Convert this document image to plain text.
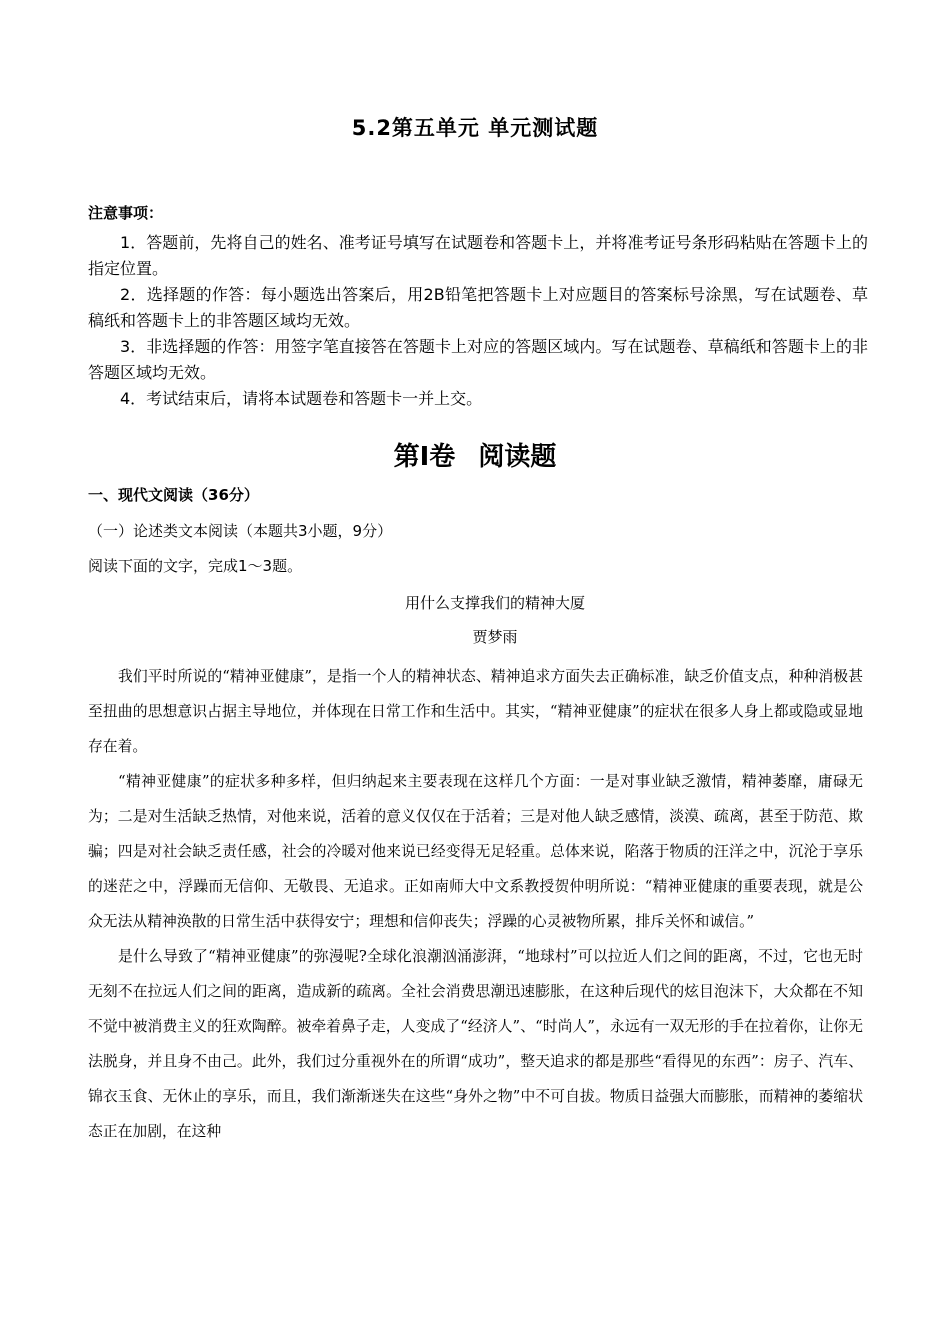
5.2第五单元 单元测试题
注意事项：

1．答题前，先将自己的姓名、准考证号填写在试题卷和答题卡上，并将准考证号条形码粘贴在答题卡上的指定位置。

2．选择题的作答：每小题选出答案后，用2B铅笔把答题卡上对应题目的答案标号涂黑，写在试题卷、草稿纸和答题卡上的非答题区域均无效。

3．非选择题的作答：用签字笔直接答在答题卡上对应的答题区域内。写在试题卷、草稿纸和答题卡上的非答题区域均无效。

4．考试结束后，请将本试题卷和答题卡一并上交。

第Ⅰ卷 阅读题
一、现代文阅读（36分）
（一）论述类文本阅读（本题共3小题，9分）
阅读下面的文字，完成1～3题。
用什么支撑我们的精神大厦
贾梦雨

我们平时所说的“精神亚健康”，是指一个人的精神状态、精神追求方面失去正确标准，缺乏价值支点，种种消极甚至扭曲的思想意识占据主导地位，并体现在日常工作和生活中。其实，“精神亚健康”的症状在很多人身上都或隐或显地存在着。

“精神亚健康”的症状多种多样，但归纳起来主要表现在这样几个方面：一是对事业缺乏激情，精神萎靡，庸碌无为；二是对生活缺乏热情，对他来说，活着的意义仅仅在于活着；三是对他人缺乏感情，淡漠、疏离，甚至于防范、欺骗；四是对社会缺乏责任感，社会的冷暖对他来说已经变得无足轻重。总体来说，陷落于物质的汪洋之中，沉沦于享乐的迷茫之中，浮躁而无信仰、无敬畏、无追求。正如南师大中文系教授贺仲明所说：“精神亚健康的重要表现，就是公众无法从精神涣散的日常生活中获得安宁；理想和信仰丧失；浮躁的心灵被物所累，排斥关怀和诚信。”

是什么导致了“精神亚健康”的弥漫呢?全球化浪潮汹涌澎湃，“地球村”可以拉近人们之间的距离，不过，它也无时无刻不在拉远人们之间的距离，造成新的疏离。全社会消费思潮迅速膨胀，在这种后现代的炫目泡沫下，大众都在不知不觉中被消费主义的狂欢陶醉。被牵着鼻子走，人变成了“经济人”、“时尚人”，永远有一双无形的手在拉着你，让你无法脱身，并且身不由己。此外，我们过分重视外在的所谓“成功”，整天追求的都是那些“看得见的东西”：房子、汽车、锦衣玉食、无休止的享乐，而且，我们渐渐迷失在这些“身外之物”中不可自拔。物质日益强大而膨胀，而精神的萎缩状态正在加剧，在这种
